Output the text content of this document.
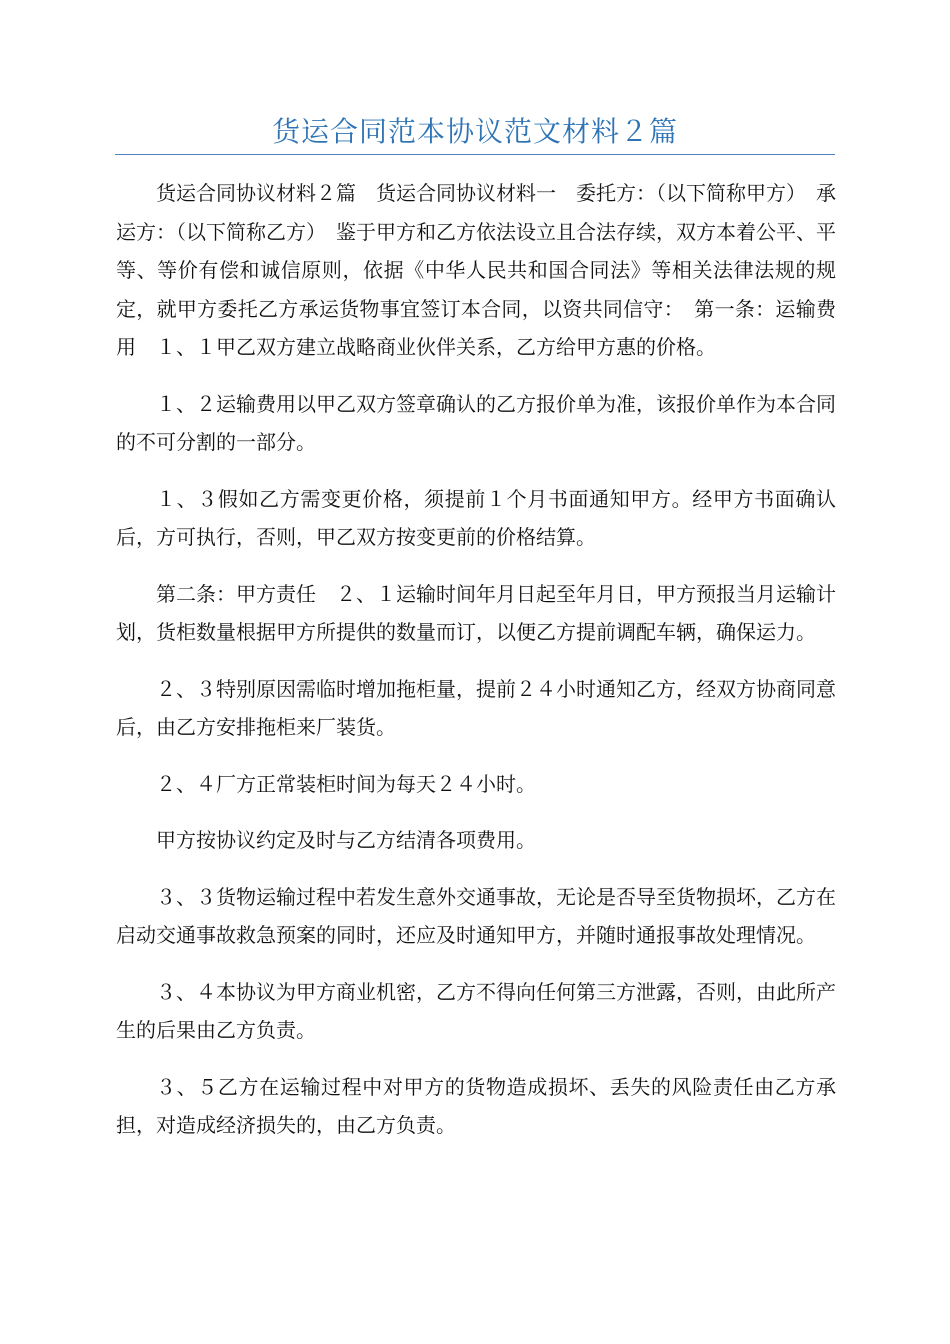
货运合同范本协议范文材料２篇

货运合同协议材料２篇　货运合同协议材料一　委托方：（以下简称甲方）　承运方：（以下简称乙方）　鉴于甲方和乙方依法设立且合法存续，双方本着公平、平等、等价有偿和诚信原则，依据《中华人民共和国合同法》等相关法律法规的规定，就甲方委托乙方承运货物事宜签订本合同，以资共同信守：　第一条：运输费用　１、１甲乙双方建立战略商业伙伴关系，乙方给甲方惠的价格。

１、２运输费用以甲乙双方签章确认的乙方报价单为准，该报价单作为本合同的不可分割的一部分。

１、３假如乙方需变更价格，须提前１个月书面通知甲方。经甲方书面确认后，方可执行，否则，甲乙双方按变更前的价格结算。

第二条：甲方责任　２、１运输时间年月日起至年月日，甲方预报当月运输计划，货柜数量根据甲方所提供的数量而订，以便乙方提前调配车辆，确保运力。

２、３特别原因需临时增加拖柜量，提前２４小时通知乙方，经双方协商同意后，由乙方安排拖柜来厂装货。

２、４厂方正常装柜时间为每天２４小时。

甲方按协议约定及时与乙方结清各项费用。

３、３货物运输过程中若发生意外交通事故，无论是否导至货物损坏，乙方在启动交通事故救急预案的同时，还应及时通知甲方，并随时通报事故处理情况。

３、４本协议为甲方商业机密，乙方不得向任何第三方泄露，否则，由此所产生的后果由乙方负责。

３、５乙方在运输过程中对甲方的货物造成损坏、丢失的风险责任由乙方承担，对造成经济损失的，由乙方负责。
